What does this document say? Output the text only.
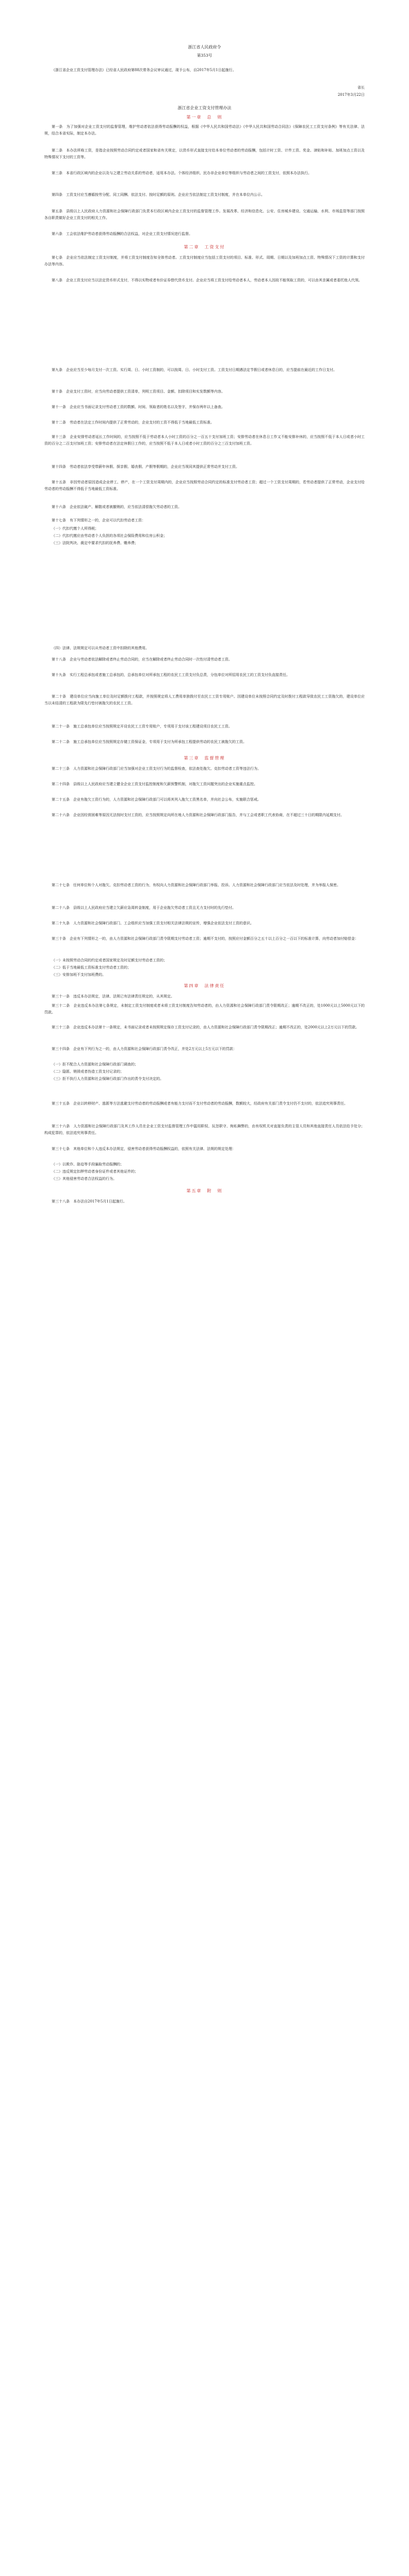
浙江省人民政府令

第353号

《浙江省企业工资支付管理办法》已经省人民政府第88次常务会议审议通过，现予公布，自2017年5月1日起施行。

省长

2017年3月22日

浙江省企业工资支付管理办法

第一章　总　则

第一条　为了加强对企业工资支付的监督管理，维护劳动者依法获得劳动报酬的权益，根据《中华人民共和国劳动法》《中华人民共和国劳动合同法》《保障农民工工资支付条例》等有关法律、法规，结合本省实际，制定本办法。

第二条　本办法所称工资，是指企业按照劳动合同约定或者国家和省有关规定，以货币形式直接支付给本单位劳动者的劳动报酬，包括计时工资、计件工资、奖金、津贴和补贴、加班加点工资以及特殊情况下支付的工资等。

第三条　本省行政区域内的企业以及与之建立劳动关系的劳动者，适用本办法。个体经济组织、民办非企业单位等组织与劳动者之间的工资支付，依照本办法执行。

第四条　工资支付应当遵循按劳分配、同工同酬、依法支付、按时足额的原则。企业应当依法制定工资支付制度，并在本单位内公示。

第五条　县级以上人民政府人力资源和社会保障行政部门负责本行政区域内企业工资支付的监督管理工作。发展改革、经济和信息化、公安、住房城乡建设、交通运输、水利、市场监管等部门按照各自职责做好企业工资支付的相关工作。

第六条　工会依法维护劳动者获得劳动报酬的合法权益，对企业工资支付情况进行监督。

第二章　工资支付

第七条　企业应当依法制定工资支付制度，并将工资支付制度告知全体劳动者。工资支付制度应当包括工资支付的项目、标准、形式、周期、日期以及加班加点工资、特殊情况下工资的计算和支付办法等内容。

第八条　企业工资支付应当以法定货币形式支付，不得以实物或者有价证券替代货币支付。企业应当将工资支付给劳动者本人，劳动者本人因故不能领取工资的，可以由其亲属或者委托他人代领。

第九条　企业应当至少每月支付一次工资。实行周、日、小时工资制的，可以按周、日、小时支付工资。工资支付日期遇法定节假日或者休息日的，应当提前在最近的工作日支付。

第十条　企业支付工资时，应当向劳动者提供工资清单，列明工资项目、金额、扣除项目和实发数额等内容。

第十一条　企业应当书面记录支付劳动者工资的数额、时间、领取者的姓名以及签字，并保存两年以上备查。

第十二条　劳动者在法定工作时间内提供了正常劳动的，企业支付的工资不得低于当地最低工资标准。

第十三条　企业安排劳动者延长工作时间的，应当按照不低于劳动者本人小时工资的百分之一百五十支付加班工资；安排劳动者在休息日工作又不能安排补休的，应当按照不低于本人日或者小时工资的百分之二百支付加班工资；安排劳动者在法定休假日工作的，应当按照不低于本人日或者小时工资的百分之三百支付加班工资。

第十四条　劳动者依法享受带薪年休假、探亲假、婚丧假、产假等假期的，企业应当视同其提供正常劳动并支付工资。

第十五条　非因劳动者原因造成企业停工、停产，在一个工资支付周期内的，企业应当按照劳动合同约定的标准支付劳动者工资；超过一个工资支付周期的，若劳动者提供了正常劳动，企业支付给劳动者的劳动报酬不得低于当地最低工资标准。

第十六条　企业依法破产、解散或者被撤销的，应当依法清偿拖欠劳动者的工资。

第十七条　有下列情形之一的，企业可以代扣劳动者工资：

（一）代扣代缴个人所得税；

（二）代扣代缴应由劳动者个人负担的各项社会保险费用和住房公积金；

（三）法院判决、裁定中要求代扣的抚养费、赡养费；

（四）法律、法规规定可以从劳动者工资中扣除的其他费用。

第十八条　企业与劳动者依法解除或者终止劳动合同的，应当在解除或者终止劳动合同时一次性付清劳动者工资。

第十九条　实行工程总承包或者施工总承包的，总承包单位对所承包工程的农民工工资支付负总责，分包单位对所招用农民工的工资支付负直接责任。

第二十条　建设单位应当向施工单位及时足额拨付工程款，并按照规定将人工费用单独拨付至农民工工资专用账户。因建设单位未按照合同约定及时拨付工程款导致农民工工资拖欠的，建设单位应当以未结清的工程款为限先行垫付被拖欠的农民工工资。

第二十一条　施工总承包单位应当按照规定开设农民工工资专用账户，专项用于支付该工程建设项目农民工工资。

第二十二条　施工总承包单位应当按照规定存储工资保证金，专项用于支付为所承包工程提供劳动的农民工被拖欠的工资。

第三章　监督管理

第二十三条　人力资源和社会保障行政部门应当加强对企业工资支付行为的监督检查，依法查处拖欠、克扣劳动者工资等违法行为。

第二十四条　县级以上人民政府应当建立健全企业工资支付监控制度和欠薪预警机制，对拖欠工资问题突出的企业实施重点监控。

第二十五条　企业有拖欠工资行为的，人力资源和社会保障行政部门可以将其列入拖欠工资黑名单，并向社会公布，实施联合惩戒。

第二十六条　企业因经营困难等原因无法按时支付工资的，应当按照规定向所在地人力资源和社会保障行政部门报告，并与工会或者职工代表协商，在不超过三十日的期限内延期支付。

第二十七条　任何单位和个人对拖欠、克扣劳动者工资的行为，有权向人力资源和社会保障行政部门举报、投诉。人力资源和社会保障行政部门应当依法及时处理，并为举报人保密。

第二十八条　县级以上人民政府应当建立欠薪应急周转金制度，用于企业拖欠劳动者工资且无力支付时的先行垫付。

第二十九条　人力资源和社会保障行政部门、工会组织应当加强工资支付相关法律法规的宣传，增强企业依法支付工资的意识。

第三十条　企业有下列情形之一的，由人力资源和社会保障行政部门责令限期支付劳动者工资；逾期不支付的，按照应付金额百分之五十以上百分之一百以下的标准计算，向劳动者加付赔偿金：

（一）未按照劳动合同的约定或者国家规定及时足额支付劳动者工资的；

（二）低于当地最低工资标准支付劳动者工资的；

（三）安排加班不支付加班费的。

第四章　法律责任

第三十一条　违反本办法规定，法律、法规已有法律责任规定的，从其规定。

第三十二条　企业违反本办法第七条规定，未制定工资支付制度或者未将工资支付制度告知劳动者的，由人力资源和社会保障行政部门责令限期改正；逾期不改正的，处1000元以上5000元以下的罚款。

第三十三条　企业违反本办法第十一条规定，未书面记录或者未按照规定保存工资支付记录的，由人力资源和社会保障行政部门责令限期改正；逾期不改正的，处2000元以上2万元以下的罚款。

第三十四条　企业有下列行为之一的，由人力资源和社会保障行政部门责令改正，并处2万元以上5万元以下的罚款：

（一）拒不配合人力资源和社会保障行政部门调查的；

（二）隐匿、销毁或者伪造工资支付记录的；

（三）拒不执行人力资源和社会保障行政部门作出的责令支付决定的。

第三十五条　企业以转移财产、逃匿等方法逃避支付劳动者的劳动报酬或者有能力支付而不支付劳动者的劳动报酬，数额较大，经政府有关部门责令支付仍不支付的，依法追究刑事责任。

第三十六条　人力资源和社会保障行政部门及其工作人员在企业工资支付监督管理工作中滥用职权、玩忽职守、徇私舞弊的，由有权机关对直接负责的主管人员和其他直接责任人员依法给予处分；构成犯罪的，依法追究刑事责任。

第三十七条　其他单位和个人违反本办法规定，侵害劳动者获得劳动报酬权益的，依照有关法律、法规的规定处理：

（一）以欺诈、胁迫等手段骗取劳动报酬的；

（二）违反规定扣押劳动者身份证件或者其他证件的；

（三）其他侵害劳动者合法权益的行为。

第五章　附　则

第三十八条　本办法自2017年5月1日起施行。
